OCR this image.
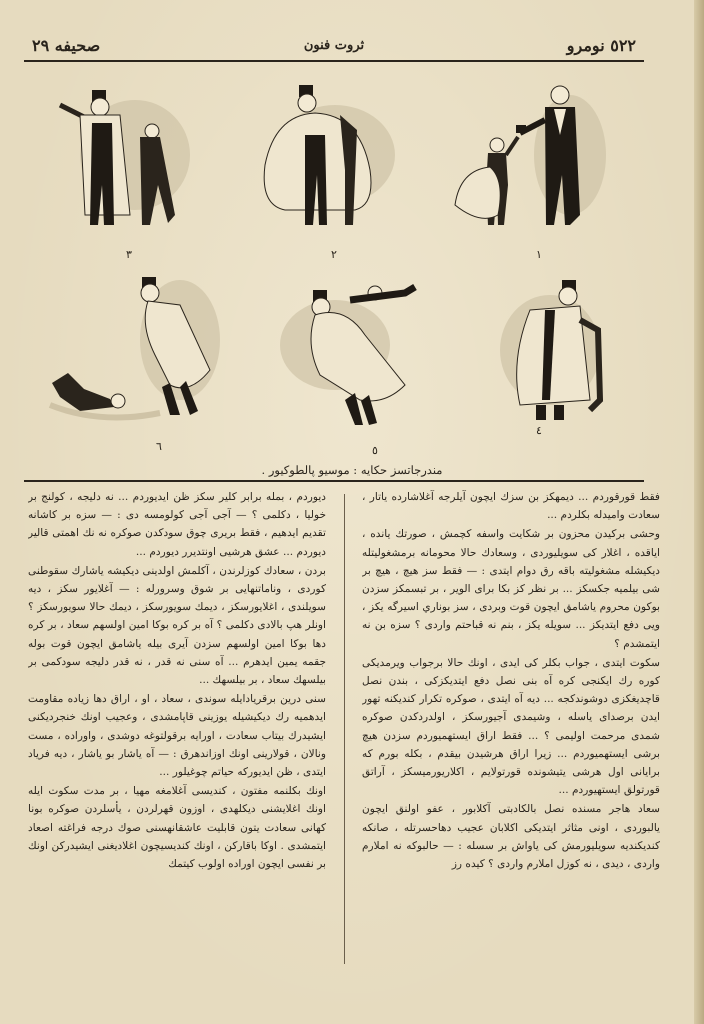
٥٢٢ نومرو
ثروت فنون
صحيفه ٢٩
١
٢
٣
٤
٥
٦
مندرجاتسز حكايه : موسيو پالطوكيور .

فقط قورقوردم ... ديمهكز بن سزك ايچون آيلرجه آغلاشارده ياتار ، سعادت واميدله بكلردم ...

وحشى بركيدن محزون بر شكايت واسفه كچمش ، صورتك يانده ، اياقده ، اغلار كى سويليوردى ، وسعادك حالا محومانه برمشغوليتله ديكيشله مشغوليته باقه رق دوام ايتدى : — فقط سز هيچ ، هيچ بر شى بيلميه جكسكز ... بر نظر كز بكا براى الوير ، بر تبسمكز سزدن بوكون محروم ياشامق ايچون قوت وبردى ، سز بوناري اسيرگه يكز ، ويى دفع ايتديكز ... سويله يكز ، بنم نه قباحتم واردى ؟ سزه بن نه ايتمشدم ؟

سكوت ايتدى ، جواب بكلر كى ايدى ، اونك حالا برجواب ويرمديكى كوره رك ايكنجى كره آه بنى نصل دفع ايتديكزكى ، بندن نصل قاچديغكزى دوشوندكجه ... ديه آه ايتدى ، صوكره تكرار كنديكنه تهور ايدن برصداى ياسله ، وشيمدى آجيورسكز ، اولدردكدن صوكره شمدى مرحمت اوليمى ؟ ... فقط اراق ايستهميوردم سزدن هيچ برشى ايستهميوردم ... زيرا اراق هرشيدن بيقدم ، بكله بورم كه برايانى اول هرشى يتيشونده قورتولايم ، اكلاريورميسكز ، آراتق قورتولق ايستهيوردم ...

سعاد هاجر مسنده نصل بالكادبتى آكلابور ، عفو اولنق ايچون يالبوردى ، اونى مثاثر ايتديكى اكلابان عجيب دهاحسرتله ، صانكه كنديكنديه سويليورمش كى ياواش بر سسله : — حالبوكه نه املارم واردى ، ديدى ، نه كوزل املارم واردى ؟ كيده رز

ديوردم ، بمله برابر كلير سكز ظن ايديوردم ... نه دليجه ، كولنج بر خوليا ، دكلمى ؟ — آجى آجى كولومسه دى : — سزه بر كاشانه تقديم ايدهيم ، فقط بريرى چوق سودكدن صوكره نه نك اهمتى قالير ديوردم ... عشق هرشيى اونتديرر ديوردم ...

بردن ، سعادك كوزلرندن ، آكلمش اولدينى ديكيشه ياشارك سقوطنى كوردى ، وناماتنهايى بر شوق وسرورله : — آغلايور سكز ، ديه سويلندى ، اغلايورسكز ، ديمك سويورسكز ، ديمك حالا سويورسكز ؟ اونلر هپ بالادى دكلمى ؟ آه بر كره بوكا امين اولسهم سعاد ، بر كره دها بوكا امين اولسهم سزدن آيرى بيله ياشامق ايچون قوت بوله جقمه يمين ايدهرم ... آه سنى نه قدر ، نه قدر دليجه سودكمى بر بيلسهك سعاد ، بر بيلسهك ...

سنى درين برقريادايله سوندى ، سعاد ، او ، اراق دها زياده مقاومت ايدهميه رك ديكيشيله يوزينى قاپامشدى ، وعجيب اونك خنجرديكنى ايشيدرك بيتاب سعادت ، اورايه برقولتوغه دوشدى ، واوراده ، مست ونالان ، قولارينى اونك اوزاندهرق : — آه ياشار بو ياشار ، ديه فرياد ايتدى ، ظن ايديوركه حياتم چوغيلور ...

اونك بكلنمه مفتون ، كنديسى آغلامغه مهيا ، بر مدت سكوت ايله اونك اغلايشنى ديكلهدى ، اوزون قهرلردن ، يأسلردن صوكره بونا كهانى سعادت يتون قابليت عاشقانهسنى صوك درجه فراغته اصعاد ايتمشدى . اوكا باقاركن ، اونك كنديسيچون اغلاديغنى ايشيدركن اونك بر نفسى ايچون اوراده اولوب كيتمك
